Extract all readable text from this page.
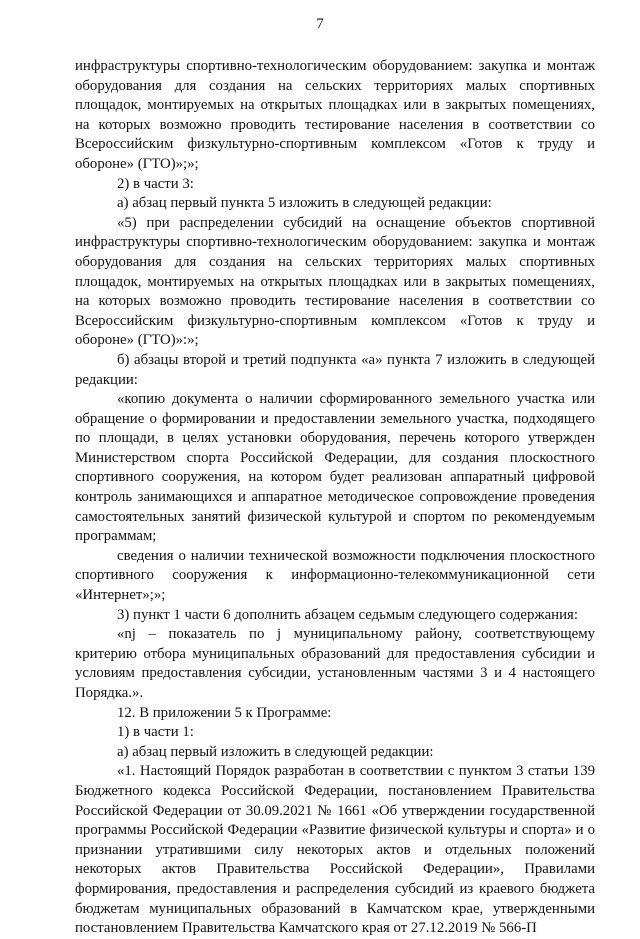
7

инфраструктуры спортивно-технологическим оборудованием: закупка и монтаж оборудования для создания на сельских территориях малых спортивных площадок, монтируемых на открытых площадках или в закрытых помещениях, на которых возможно проводить тестирование населения в соответствии со Всероссийским физкультурно-спортивным комплексом «Готов к труду и обороне» (ГТО)»;»;

2) в части 3:

а) абзац первый пункта 5 изложить в следующей редакции:

«5) при распределении субсидий на оснащение объектов спортивной инфраструктуры спортивно-технологическим оборудованием: закупка и монтаж оборудования для создания на сельских территориях малых спортивных площадок, монтируемых на открытых площадках или в закрытых помещениях, на которых возможно проводить тестирование населения в соответствии со Всероссийским физкультурно-спортивным комплексом «Готов к труду и обороне» (ГТО)»:»;

б) абзацы второй и третий подпункта «а» пункта 7 изложить в следующей редакции:

«копию документа о наличии сформированного земельного участка или обращение о формировании и предоставлении земельного участка, подходящего по площади, в целях установки оборудования, перечень которого утвержден Министерством спорта Российской Федерации, для создания плоскостного спортивного сооружения, на котором будет реализован аппаратный цифровой контроль занимающихся и аппаратное методическое сопровождение проведения самостоятельных занятий физической культурой и спортом по рекомендуемым программам;

сведения о наличии технической возможности подключения плоскостного спортивного сооружения к информационно-телекоммуникационной сети «Интернет»;»;

3) пункт 1 части 6 дополнить абзацем седьмым следующего содержания:

«nj – показатель по j муниципальному району, соответствующему критерию отбора муниципальных образований для предоставления субсидии и условиям предоставления субсидии, установленным частями 3 и 4 настоящего Порядка.».

12. В приложении 5 к Программе:

1) в части 1:

а) абзац первый изложить в следующей редакции:

«1. Настоящий Порядок разработан в соответствии с пунктом 3 статьи 139 Бюджетного кодекса Российской Федерации, постановлением Правительства Российской Федерации от 30.09.2021 № 1661 «Об утверждении государственной программы Российской Федерации «Развитие физической культуры и спорта» и о признании утратившими силу некоторых актов и отдельных положений некоторых актов Правительства Российской Федерации», Правилами формирования, предоставления и распределения субсидий из краевого бюджета бюджетам муниципальных образований в Камчатском крае, утвержденными постановлением Правительства Камчатского края от 27.12.2019 № 566-П
